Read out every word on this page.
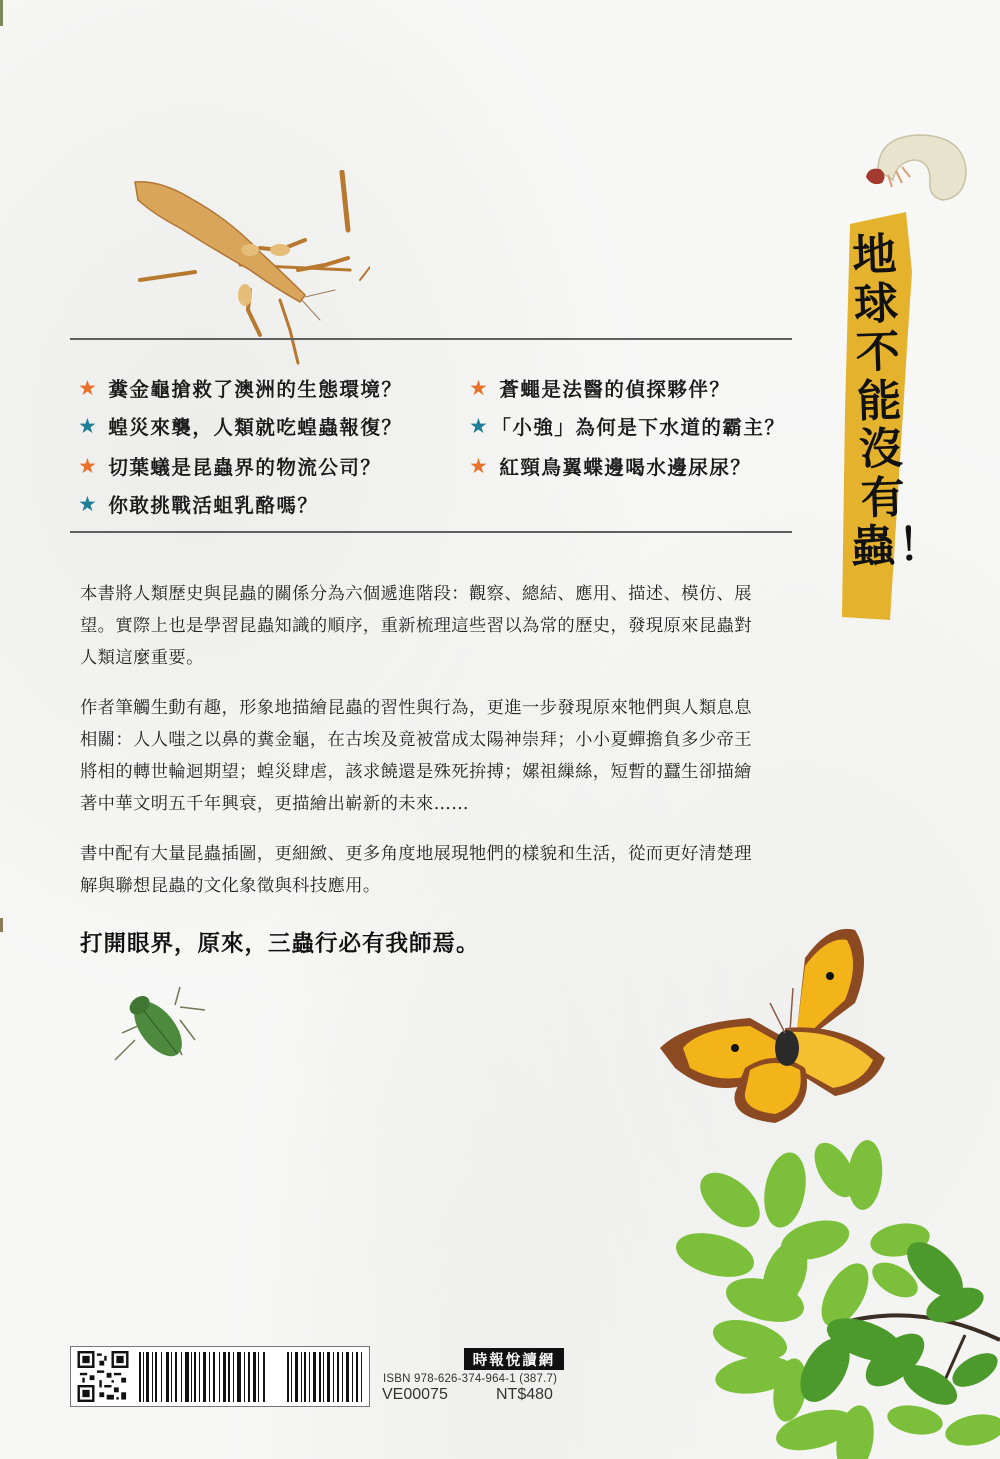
★ 糞金龜搶救了澳洲的生態環境？
★ 蝗災來襲，人類就吃蝗蟲報復？
★ 切葉蟻是昆蟲界的物流公司？
★ 你敢挑戰活蛆乳酪嗎？
★ 蒼蠅是法醫的偵探夥伴？
★ 「小強」為何是下水道的霸主？
★ 紅頸鳥翼蝶邊喝水邊尿尿？
地球不能沒有蟲！
本書將人類歷史與昆蟲的關係分為六個遞進階段：觀察、總結、應用、描述、模仿、展望。實際上也是學習昆蟲知識的順序，重新梳理這些習以為常的歷史，發現原來昆蟲對人類這麼重要。
作者筆觸生動有趣，形象地描繪昆蟲的習性與行為，更進一步發現原來牠們與人類息息相關：人人嗤之以鼻的糞金龜，在古埃及竟被當成太陽神崇拜；小小夏蟬擔負多少帝王將相的轉世輪迴期望；蝗災肆虐，該求饒還是殊死拚搏；嫘祖繅絲，短暫的蠶生卻描繪著中華文明五千年興衰，更描繪出嶄新的未來……
書中配有大量昆蟲插圖，更細緻、更多角度地展現牠們的樣貌和生活，從而更好清楚理解與聯想昆蟲的文化象徵與科技應用。
打開眼界，原來，三蟲行必有我師焉。
時報悅讀網
ISBN 978-626-374-964-1 (387.7)
VE00075	NT$480
